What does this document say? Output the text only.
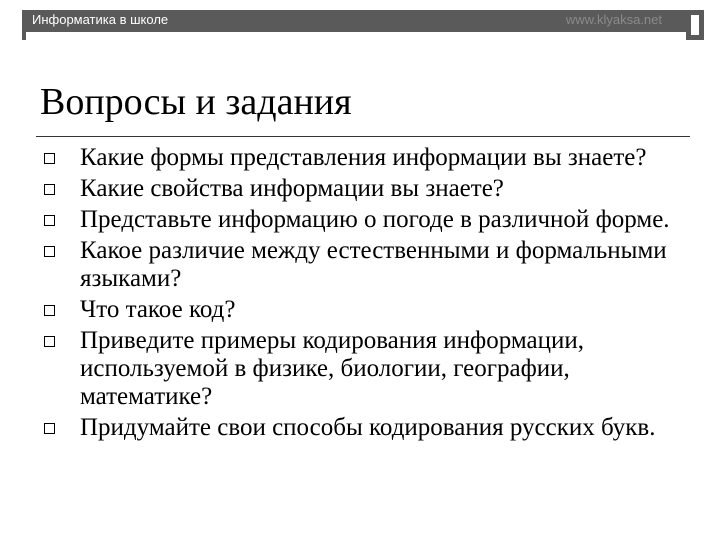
Информатика в школе	www.klyaksa.net
Вопросы и задания
Какие формы представления информации вы знаете?
Какие свойства информации вы знаете?
Представьте информацию о погоде в различной форме.
Какое различие между естественными и формальными языками?
Что такое код?
Приведите примеры кодирования информации, используемой в физике, биологии, географии, математике?
Придумайте свои способы кодирования русских букв.
